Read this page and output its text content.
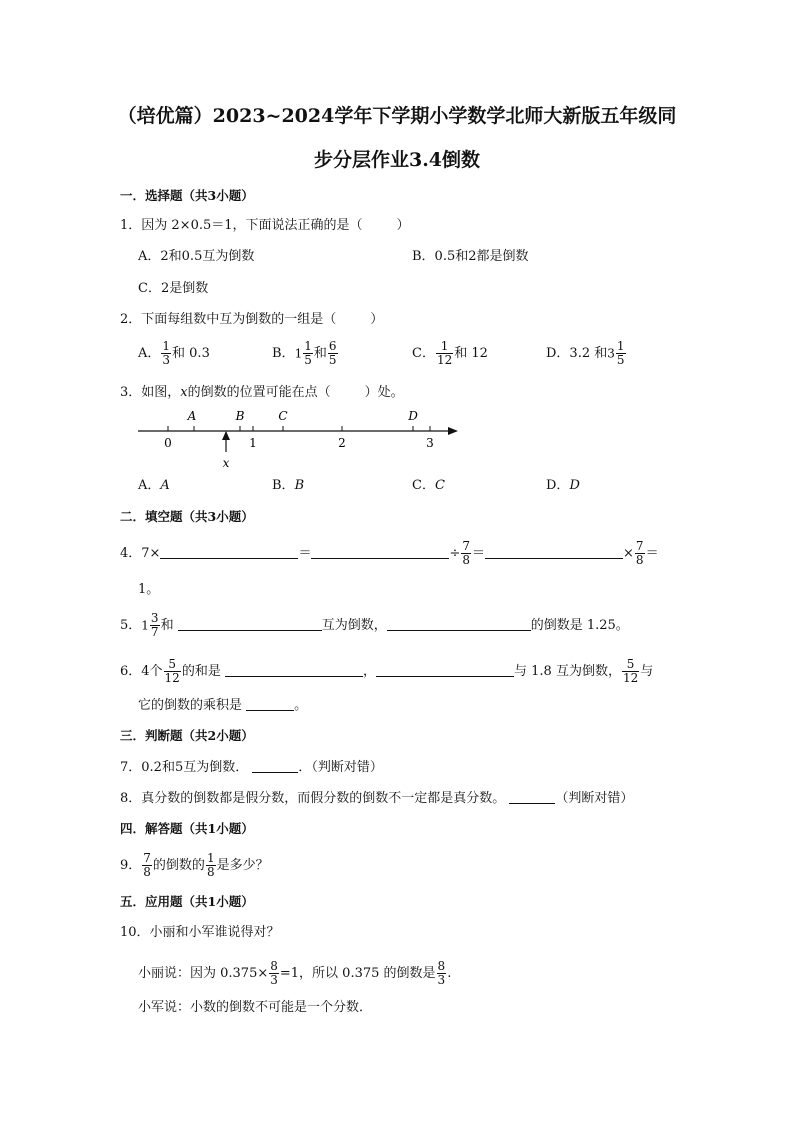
（培优篇）2023~2024学年下学期小学数学北师大新版五年级同
步分层作业3.4倒数
一．选择题（共3小题）
1．因为 2×0.5＝1，下面说法正确的是（	）
A．2和0.5互为倒数	B．0.5和2都是倒数
C．2是倒数
2．下面每组数中互为倒数的一组是（	）
A． $\frac{1}{3}$ 和 0.3	B．$1 \frac{1}{5}$ 和 $\frac{6}{5}$	C． $\frac{1}{12}$ 和 12	D．3.2 和$3 \frac{1}{5}$
3．如图，x的倒数的位置可能在点（	）处。
0	1	2	3
A	B	C	D
x
A．A	B．B	C．C	D．D
二．填空题（共3小题）
4．7×	＝	÷ $\frac{7}{8}$ ＝	× $\frac{7}{8}$ ＝
1。
5．$1 \frac{3}{7}$ 和	互为倒数，	的倒数是 1.25。
6．4个 $\frac{5}{12}$ 的和是	，	与 1.8 互为倒数， $\frac{5}{12}$ 与
它的倒数的乘积是	。
三．判断题（共2小题）
7．0.2和5互为倒数．	．（判断对错）
8．真分数的倒数都是假分数，而假分数的倒数不一定都是真分数。	（判断对错）
四．解答题（共1小题）
9． $\frac{7}{8}$ 的倒数的 $\frac{1}{8}$ 是多少？
五．应用题（共1小题）
10．小丽和小军谁说得对？
小丽说：因为 $0.375\times \frac{8}{3} =1$，所以 0.375 的倒数是 $\frac{8}{3}$ .
小军说：小数的倒数不可能是一个分数．
